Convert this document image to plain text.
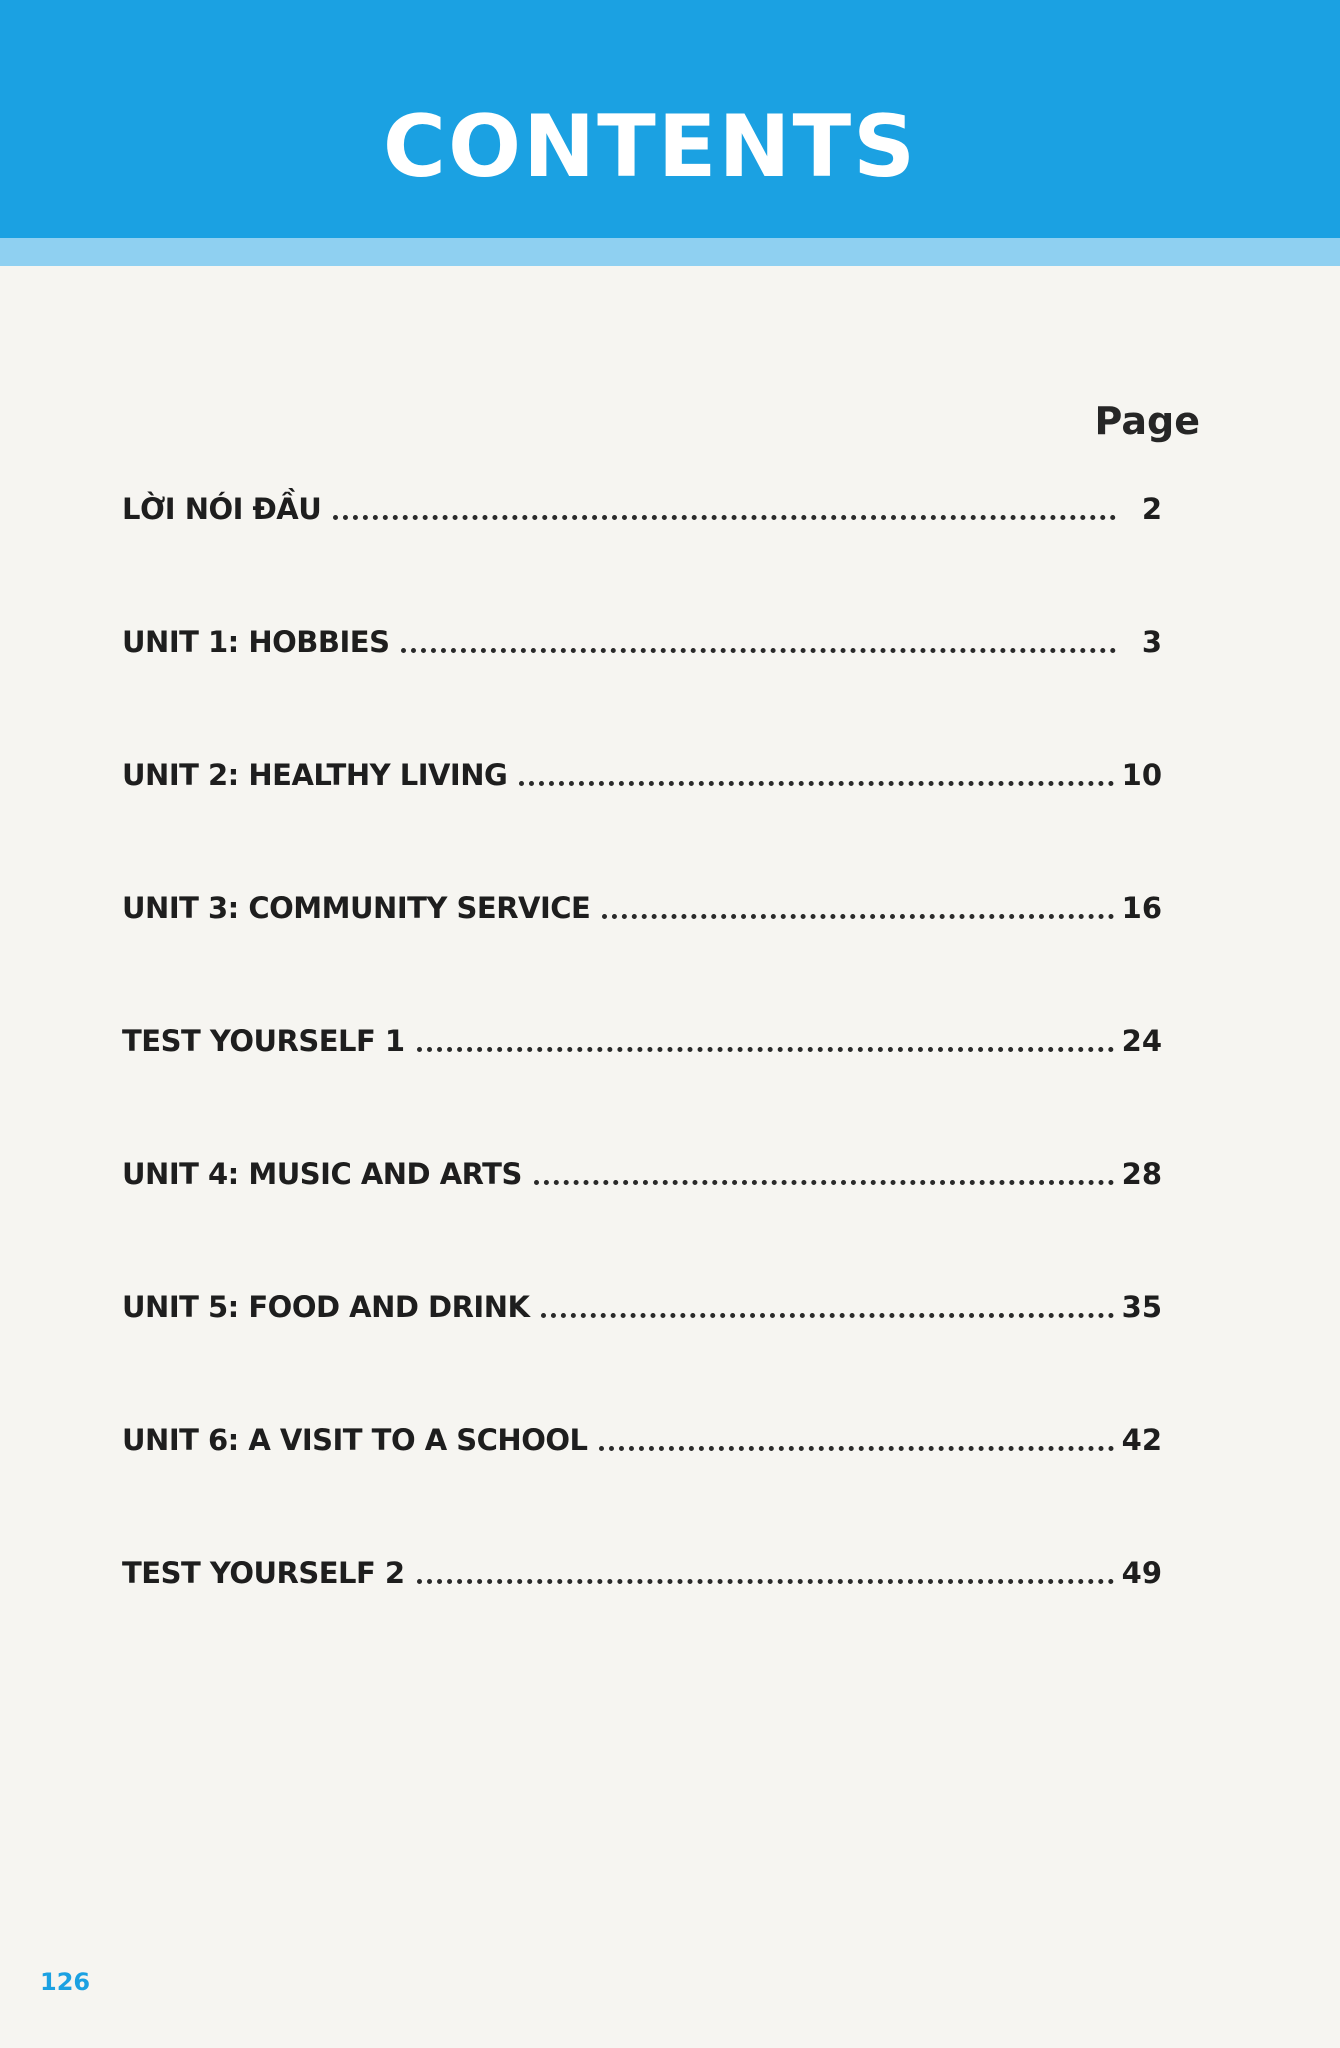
CONTENTS
Page
LỜI NÓI ĐẦU	2
UNIT 1: HOBBIES	3
UNIT 2: HEALTHY LIVING	10
UNIT 3: COMMUNITY SERVICE	16
TEST YOURSELF 1	24
UNIT 4: MUSIC AND ARTS	28
UNIT 5: FOOD AND DRINK	35
UNIT 6: A VISIT TO A SCHOOL	42
TEST YOURSELF 2	49
126
